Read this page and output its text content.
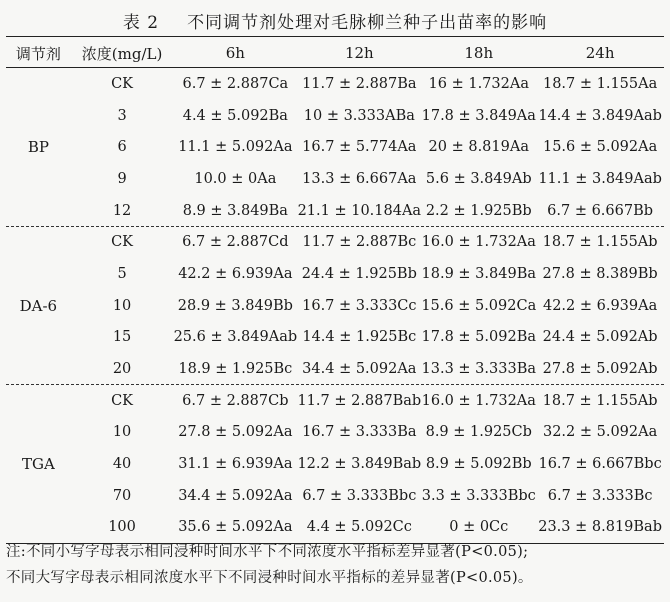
表 2 不同调节剂处理对毛脉柳兰种子出苗率的影响
调节剂	浓度(mg/L)	6h	12h	18h	24h
BP	CK	6.7 ± 2.887Ca	11.7 ± 2.887Ba	16 ± 1.732Aa	18.7 ± 1.155Aa
	3	4.4 ± 5.092Ba	10 ± 3.333ABa	17.8 ± 3.849Aa	14.4 ± 3.849Aab
	6	11.1 ± 5.092Aa	16.7 ± 5.774Aa	20 ± 8.819Aa	15.6 ± 5.092Aa
	9	10.0 ± 0Aa	13.3 ± 6.667Aa	5.6 ± 3.849Ab	11.1 ± 3.849Aab
	12	8.9 ± 3.849Ba	21.1 ± 10.184Aa	2.2 ± 1.925Bb	6.7 ± 6.667Bb
DA-6	CK	6.7 ± 2.887Cd	11.7 ± 2.887Bc	16.0 ± 1.732Aa	18.7 ± 1.155Ab
	5	42.2 ± 6.939Aa	24.4 ± 1.925Bb	18.9 ± 3.849Ba	27.8 ± 8.389Bb
	10	28.9 ± 3.849Bb	16.7 ± 3.333Cc	15.6 ± 5.092Ca	42.2 ± 6.939Aa
	15	25.6 ± 3.849Aab	14.4 ± 1.925Bc	17.8 ± 5.092Ba	24.4 ± 5.092Ab
	20	18.9 ± 1.925Bc	34.4 ± 5.092Aa	13.3 ± 3.333Ba	27.8 ± 5.092Ab
TGA	CK	6.7 ± 2.887Cb	11.7 ± 2.887Bab	16.0 ± 1.732Aa	18.7 ± 1.155Ab
	10	27.8 ± 5.092Aa	16.7 ± 3.333Ba	8.9 ± 1.925Cb	32.2 ± 5.092Aa
	40	31.1 ± 6.939Aa	12.2 ± 3.849Bab	8.9 ± 5.092Bb	16.7 ± 6.667Bbc
	70	34.4 ± 5.092Aa	6.7 ± 3.333Bbc	3.3 ± 3.333Bbc	6.7 ± 3.333Bc
	100	35.6 ± 5.092Aa	4.4 ± 5.092Cc	0 ± 0Cc	23.3 ± 8.819Bab
注:不同小写字母表示相同浸种时间水平下不同浓度水平指标差异显著(P<0.05);
不同大写字母表示相同浓度水平下不同浸种时间水平指标的差异显著(P<0.05)。
